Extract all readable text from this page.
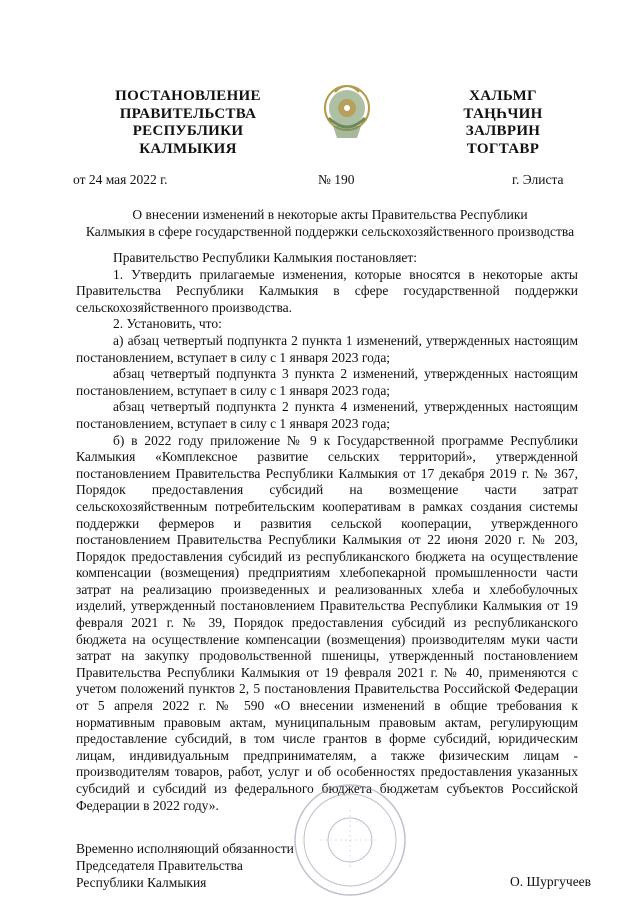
ПОСТАНОВЛЕНИЕ
ПРАВИТЕЛЬСТВА
РЕСПУБЛИКИ
КАЛМЫКИЯ
ХАЛЬМГ
ТАҢҺЧИН
ЗАЛВРИН
ТОГТАВР
от 24 мая 2022 г.	№ 190	г. Элиста
О внесении изменений в некоторые акты Правительства Республики
Калмыкия в сфере государственной поддержки сельскохозяйственного производства
Правительство Республики Калмыкия постановляет:
1. Утвердить прилагаемые изменения, которые вносятся в некоторые акты
Правительства Республики Калмыкия в сфере государственной поддержки
сельскохозяйственного производства.
2. Установить, что:
а) абзац четвертый подпункта 2 пункта 1 изменений, утвержденных настоящим
постановлением, вступает в силу с 1 января 2023 года;
абзац четвертый подпункта 3 пункта 2 изменений, утвержденных настоящим
постановлением, вступает в силу с 1 января 2023 года;
абзац четвертый подпункта 2 пункта 4 изменений, утвержденных настоящим
постановлением, вступает в силу с 1 января 2023 года;
б) в 2022 году приложение № 9 к Государственной программе Республики
Калмыкия «Комплексное развитие сельских территорий», утвержденной
постановлением Правительства Республики Калмыкия от 17 декабря 2019 г. № 367,
Порядок предоставления субсидий на возмещение части затрат
сельскохозяйственным потребительским кооперативам в рамках создания системы
поддержки фермеров и развития сельской кооперации, утвержденного
постановлением Правительства Республики Калмыкия от 22 июня 2020 г. № 203,
Порядок предоставления субсидий из республиканского бюджета на осуществление
компенсации (возмещения) предприятиям хлебопекарной промышленности части
затрат на реализацию произведенных и реализованных хлеба и хлебобулочных
изделий, утвержденный постановлением Правительства Республики Калмыкия от 19
февраля 2021 г. № 39, Порядок предоставления субсидий из республиканского
бюджета на осуществление компенсации (возмещения) производителям муки части
затрат на закупку продовольственной пшеницы, утвержденный постановлением
Правительства Республики Калмыкия от 19 февраля 2021 г. № 40, применяются с
учетом положений пунктов 2, 5 постановления Правительства Российской Федерации
от 5 апреля 2022 г. № 590 «О внесении изменений в общие требования к
нормативным правовым актам, муниципальным правовым актам, регулирующим
предоставление субсидий, в том числе грантов в форме субсидий, юридическим
лицам, индивидуальным предпринимателям, а также физическим лицам -
производителям товаров, работ, услуг и об особенностях предоставления указанных
субсидий и субсидий из федерального бюджета бюджетам субъектов Российской
Федерации в 2022 году».
Временно исполняющий обязанности
Председателя Правительства
Республики Калмыкия	О. Шургучеев
